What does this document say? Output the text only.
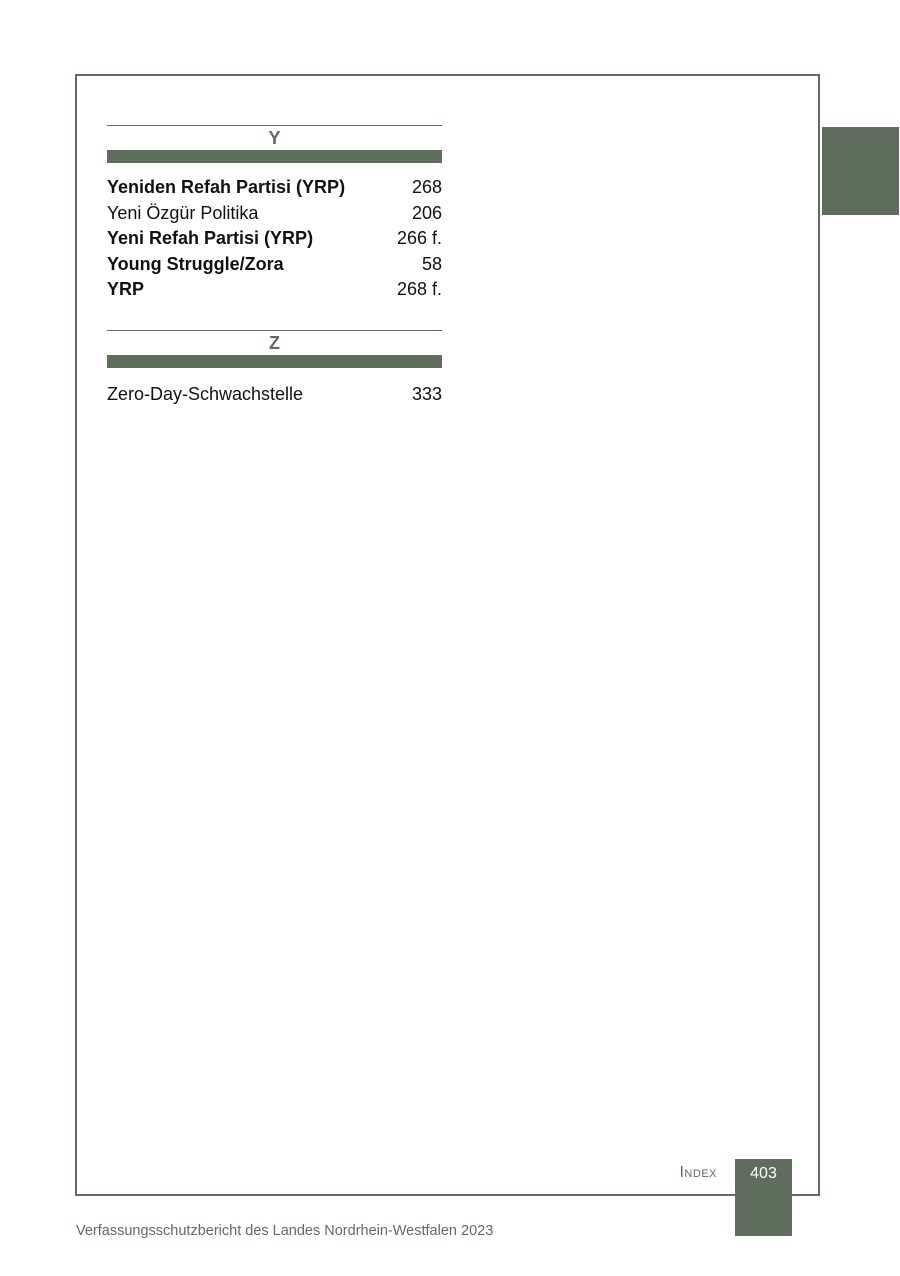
Y
Yeniden Refah Partisi (YRP)	268
Yeni Özgür Politika	206
Yeni Refah Partisi (YRP)	266 f.
Young Struggle/Zora	58
YRP	268 f.
Z
Zero-Day-Schwachstelle	333
Index	403
Verfassungsschutzbericht des Landes Nordrhein-Westfalen 2023
